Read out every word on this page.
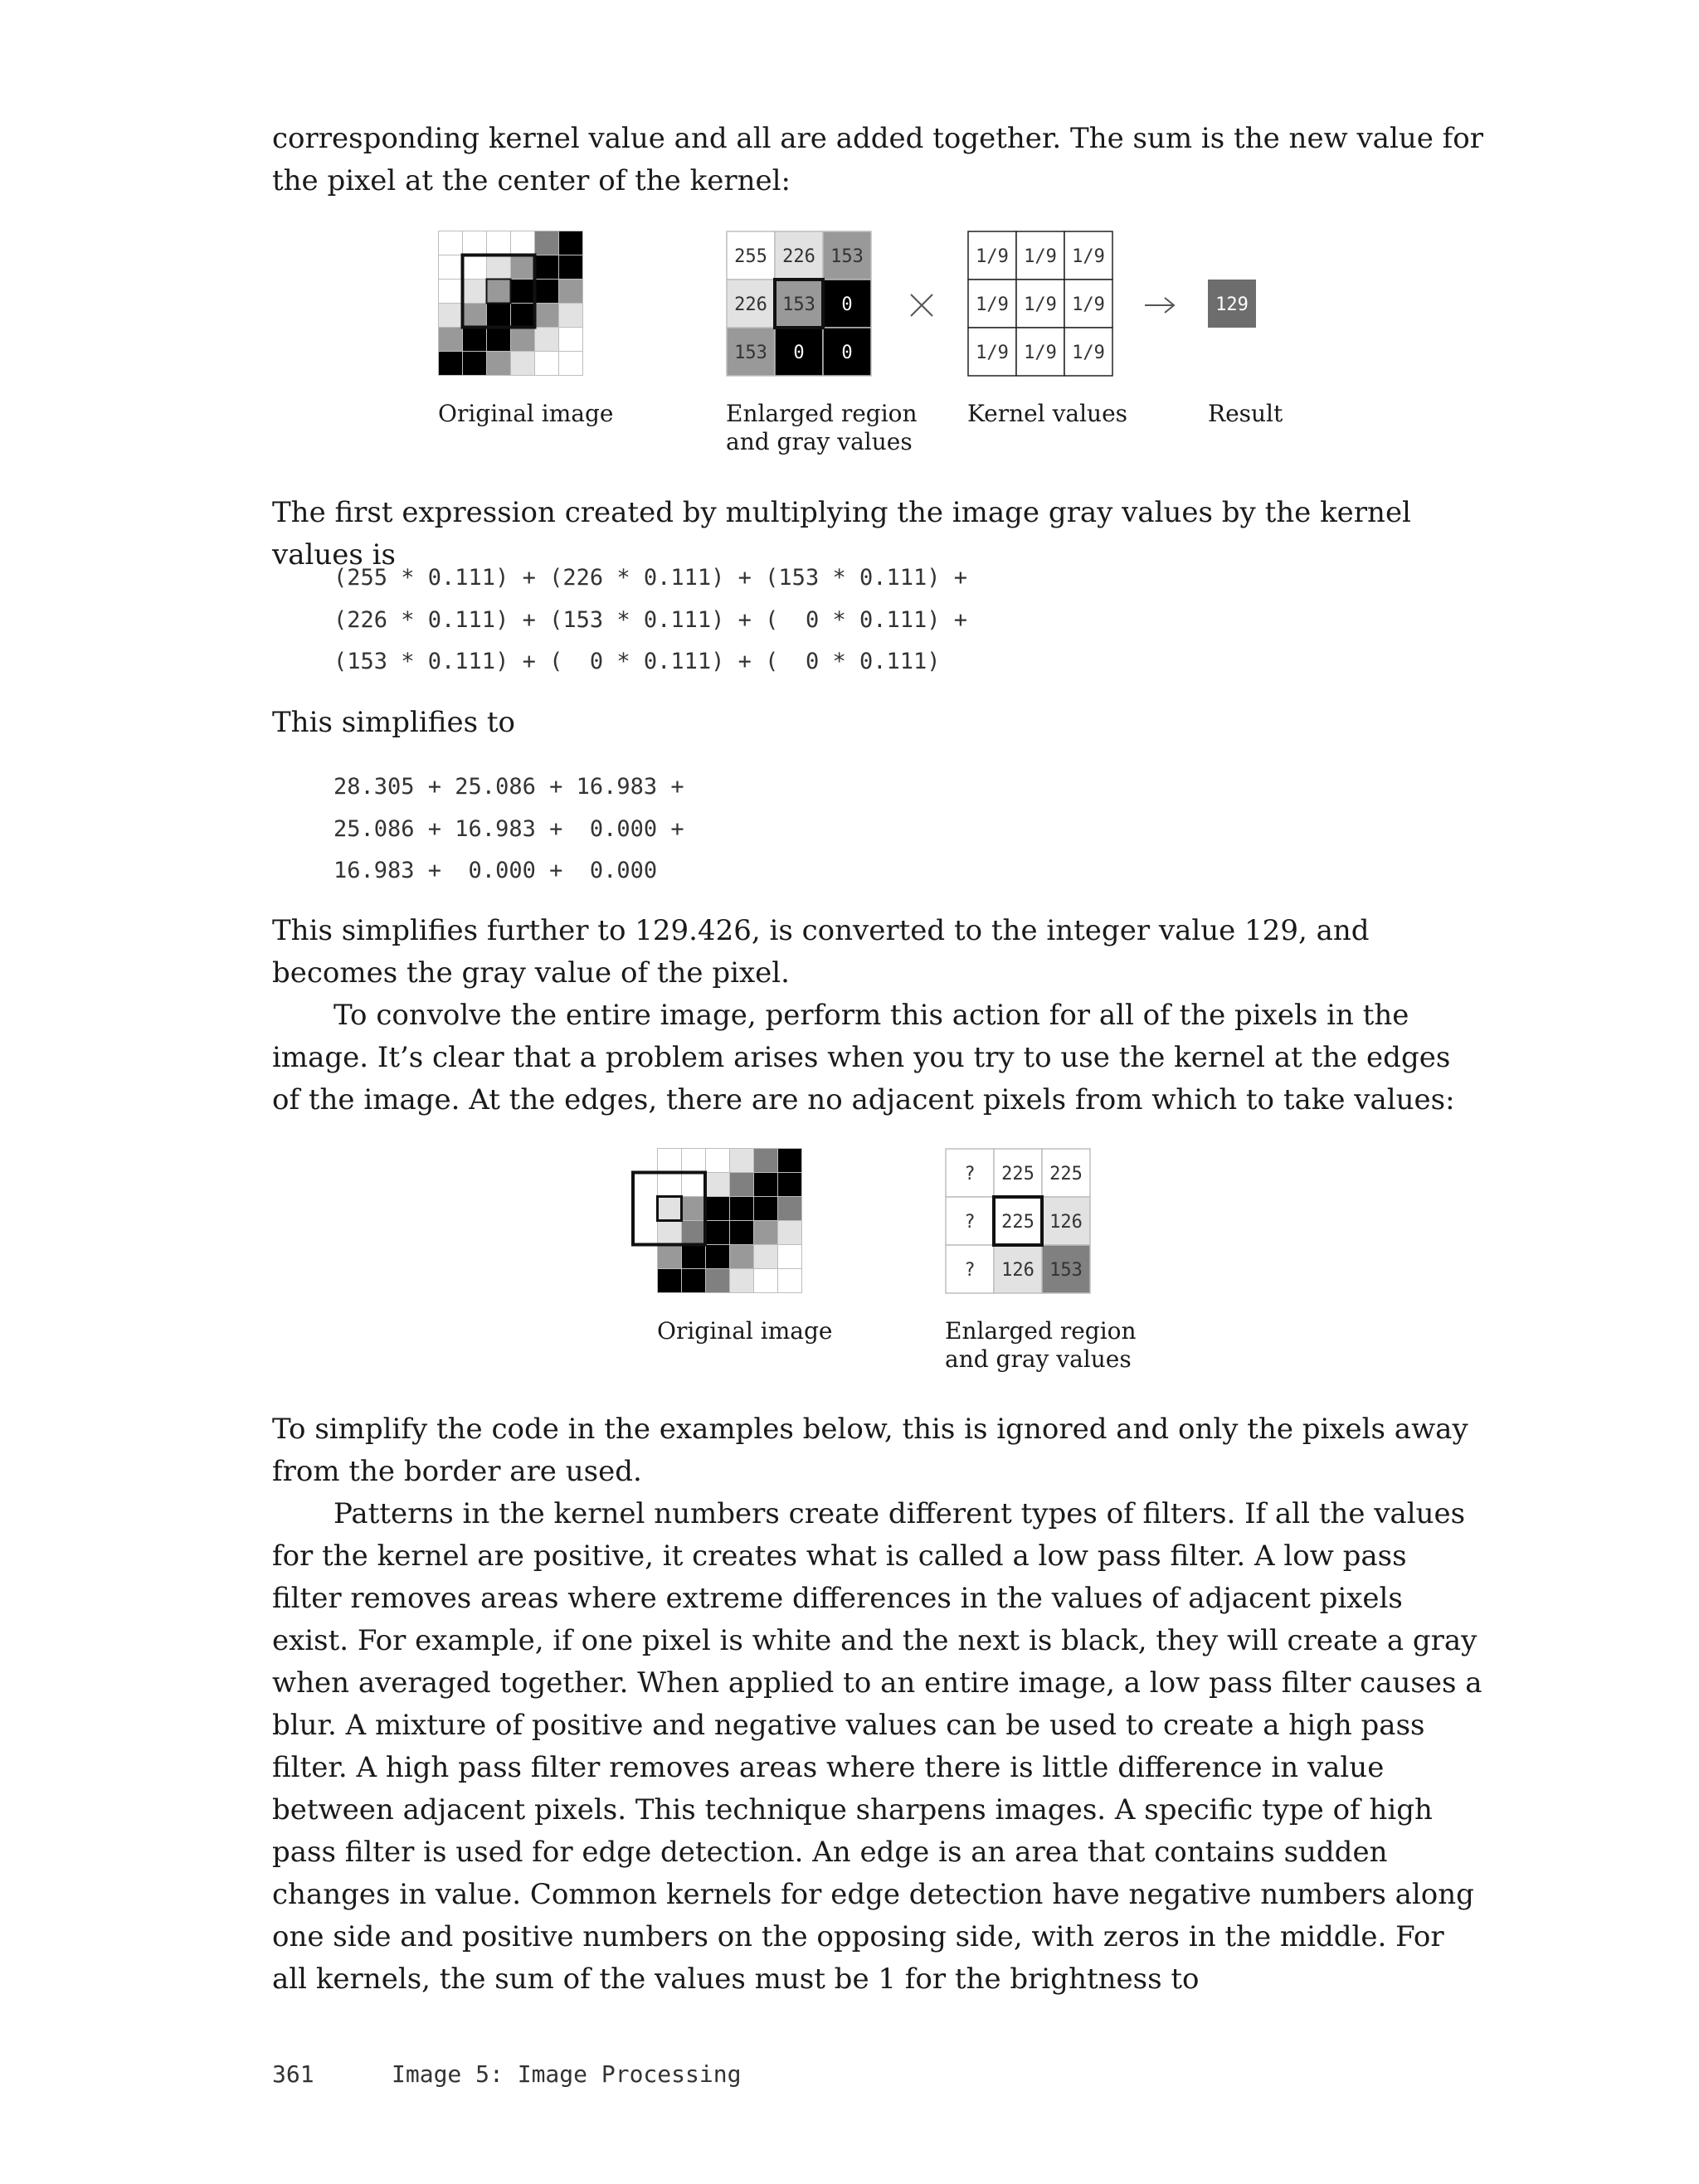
corresponding kernel value and all are added together. The sum is the new value for the pixel at the center of the kernel:

255 226 153
226 153 0
153 0 0
1/9 1/9 1/9
1/9 1/9 1/9
1/9 1/9 1/9
129
Original image	Enlarged region
and gray values
Kernel values	Result

The first expression created by multiplying the image gray values by the kernel values is

(255 * 0.111) + (226 * 0.111) + (153 * 0.111) +
(226 * 0.111) + (153 * 0.111) + (  0 * 0.111) +
(153 * 0.111) + (  0 * 0.111) + (  0 * 0.111)

This simplifies to

28.305 + 25.086 + 16.983 +
25.086 + 16.983 +  0.000 +
16.983 +  0.000 +  0.000

This simplifies further to 129.426, is converted to the integer value 129, and becomes the gray value of the pixel.

To convolve the entire image, perform this action for all of the pixels in the image. It’s clear that a problem arises when you try to use the kernel at the edges of the image. At the edges, there are no adjacent pixels from which to take values:

? 225 225
? 225 126
? 126 153
Original image	Enlarged region
and gray values

To simplify the code in the examples below, this is ignored and only the pixels away from the border are used.

Patterns in the kernel numbers create different types of filters. If all the values for the kernel are positive, it creates what is called a low pass filter. A low pass filter removes areas where extreme differences in the values of adjacent pixels exist. For example, if one pixel is white and the next is black, they will create a gray when averaged together. When applied to an entire image, a low pass filter causes a blur. A mixture of positive and negative values can be used to create a high pass filter. A high pass filter removes areas where there is little difference in value between adjacent pixels. This technique sharpens images. A specific type of high pass filter is used for edge detection. An edge is an area that contains sudden changes in value. Common kernels for edge detection have negative numbers along one side and positive numbers on the opposing side, with zeros in the middle. For all kernels, the sum of the values must be 1 for the brightness to

361	Image 5: Image Processing
